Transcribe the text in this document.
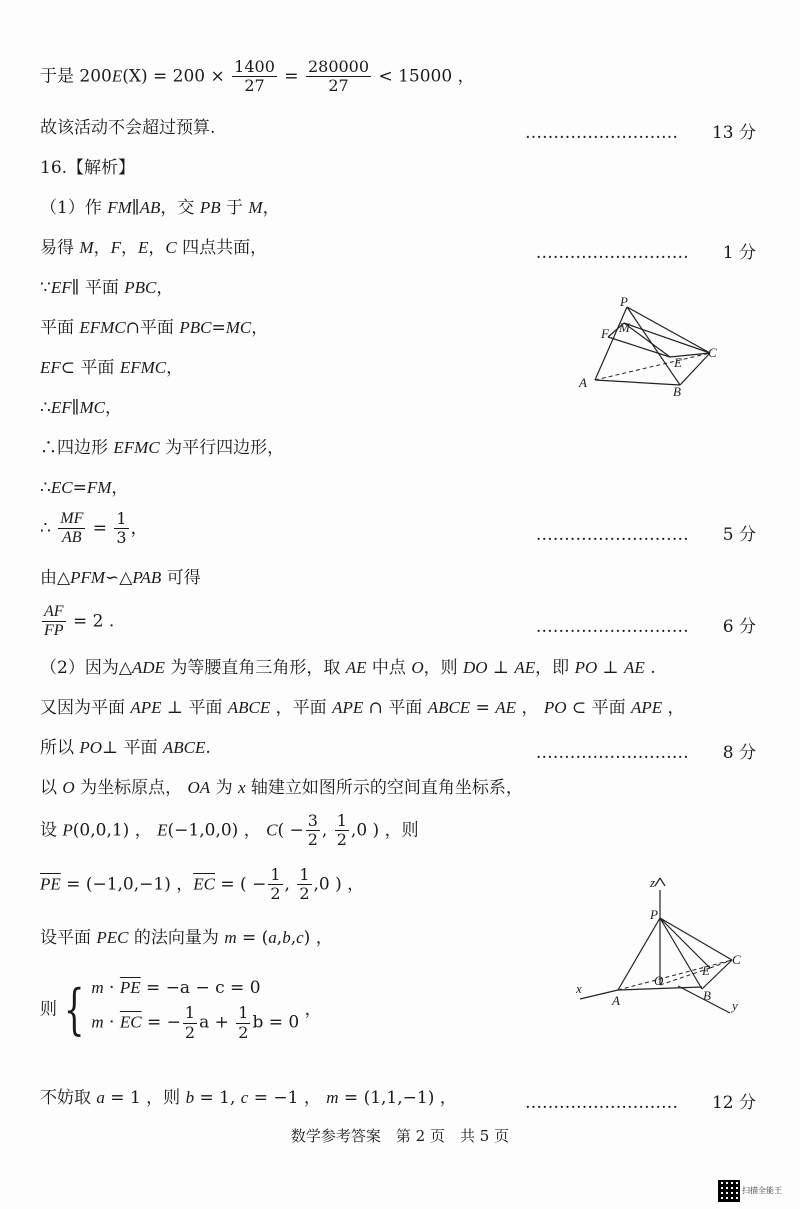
于是 $200E(X) = 200 \times \frac{1400}{27} = \frac{280000}{27} < 15000$ ，
故该活动不会超过预算.	………………………　　 13 分
16.【解析】
（1）作 FM∥AB，交 PB 于 M，
易得 M，F，E，C 四点共面，	………………………　　 1 分
∵EF∥ 平面 PBC，
平面 EFMC∩平面 PBC=MC，
EF⊂ 平面 EFMC，
∴EF∥MC，
∴四边形 EFMC 为平行四边形，
∴EC=FM，
∴ $\frac{MF}{AB} = \frac{1}{3}$ ，	………………………　　 5 分
由△PFM∽△PAB 可得
$\frac{AF}{FP} = 2$ .	………………………　　 6 分
（2）因为△ADE 为等腰直角三角形，取 AE 中点 O，则 DO ⊥ AE，即 PO ⊥ AE .
又因为平面 APE ⊥ 平面 ABCE ，平面 APE ∩ 平面 ABCE = AE ， PO ⊂ 平面 APE ，
所以 PO⊥ 平面 ABCE.	………………………　　 8 分
以 O 为坐标原点， OA 为 x 轴建立如图所示的空间直角坐标系，
设 P(0,0,1) ， E(−1,0,0) ， $C( - \frac{3}{2}$ , $\frac{1}{2} ,0$ ) ，则
$\overline{PE} = (-1,0,-1)$ ，$\overline{EC}$ = ( − $\frac{1}{2}$ , $\frac{1}{2} ,0$ ) ，
设平面 PEC 的法向量为 m = (a,b,c) ，
则 { $m \cdot \overline{PE} = -a - c = 0$
$m \cdot \overline{EC}$ = − $\frac{1}{2}$ $a + \frac{1}{2}$ b = 0
，
不妨取 a = 1 ，则 b = 1, c = −1 ， m = (1,1,−1) ，	………………………　　 12 分
P
M
F
E
C
A
B
z
P
E
C
O
x
A	B
y
数学参考答案　第 2 页　共 5 页
扫描全能王
